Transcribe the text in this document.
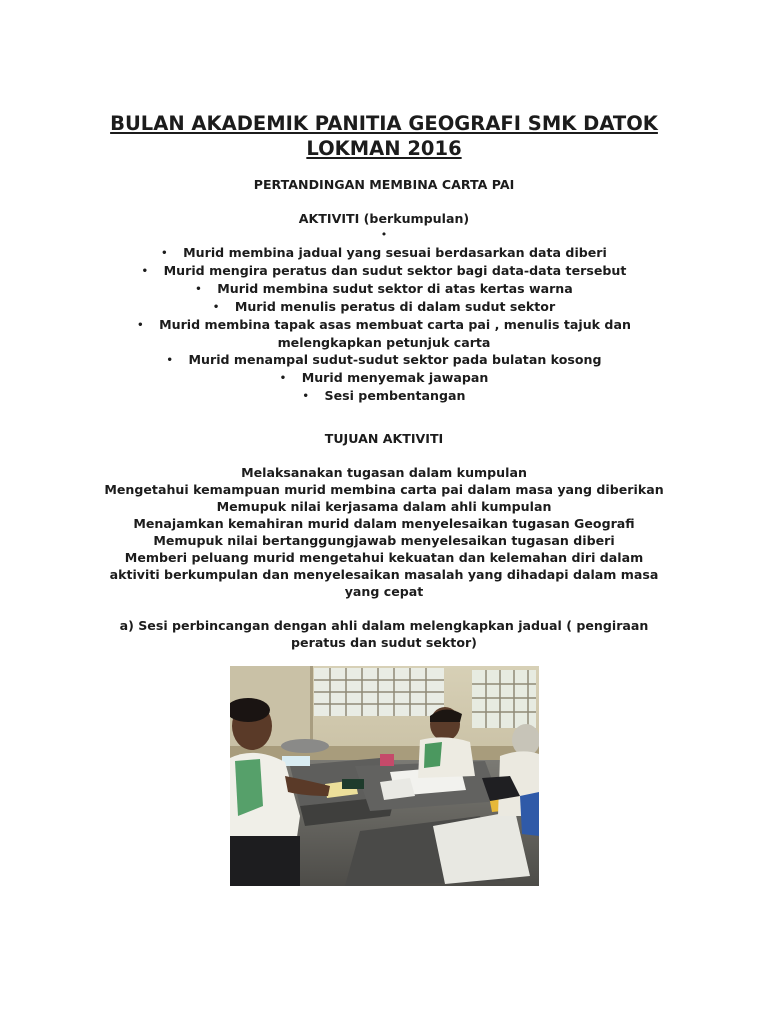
BULAN AKADEMIK PANITIA GEOGRAFI SMK DATOK
LOKMAN 2016
PERTANDINGAN MEMBINA CARTA PAI
AKTIVITI (berkumpulan)
•
• Murid membina jadual yang sesuai berdasarkan data diberi
• Murid mengira peratus dan sudut sektor bagi data-data tersebut
• Murid membina sudut sektor di atas kertas warna
• Murid menulis peratus di dalam sudut sektor
• Murid membina tapak asas membuat carta pai , menulis tajuk dan
melengkapkan petunjuk carta
• Murid menampal sudut-sudut sektor pada bulatan kosong
• Murid menyemak jawapan
• Sesi pembentangan
TUJUAN AKTIVITI
Melaksanakan tugasan dalam kumpulan
Mengetahui kemampuan murid membina carta pai dalam masa yang diberikan
Memupuk nilai kerjasama dalam ahli kumpulan
Menajamkan kemahiran murid dalam menyelesaikan tugasan Geografi
Memupuk nilai bertanggungjawab menyelesaikan tugasan diberi
Memberi peluang murid mengetahui kekuatan dan kelemahan diri dalam
aktiviti berkumpulan dan menyelesaikan masalah yang dihadapi dalam masa
yang cepat
a) Sesi perbincangan dengan ahli dalam melengkapkan jadual ( pengiraan
peratus dan sudut sektor)
